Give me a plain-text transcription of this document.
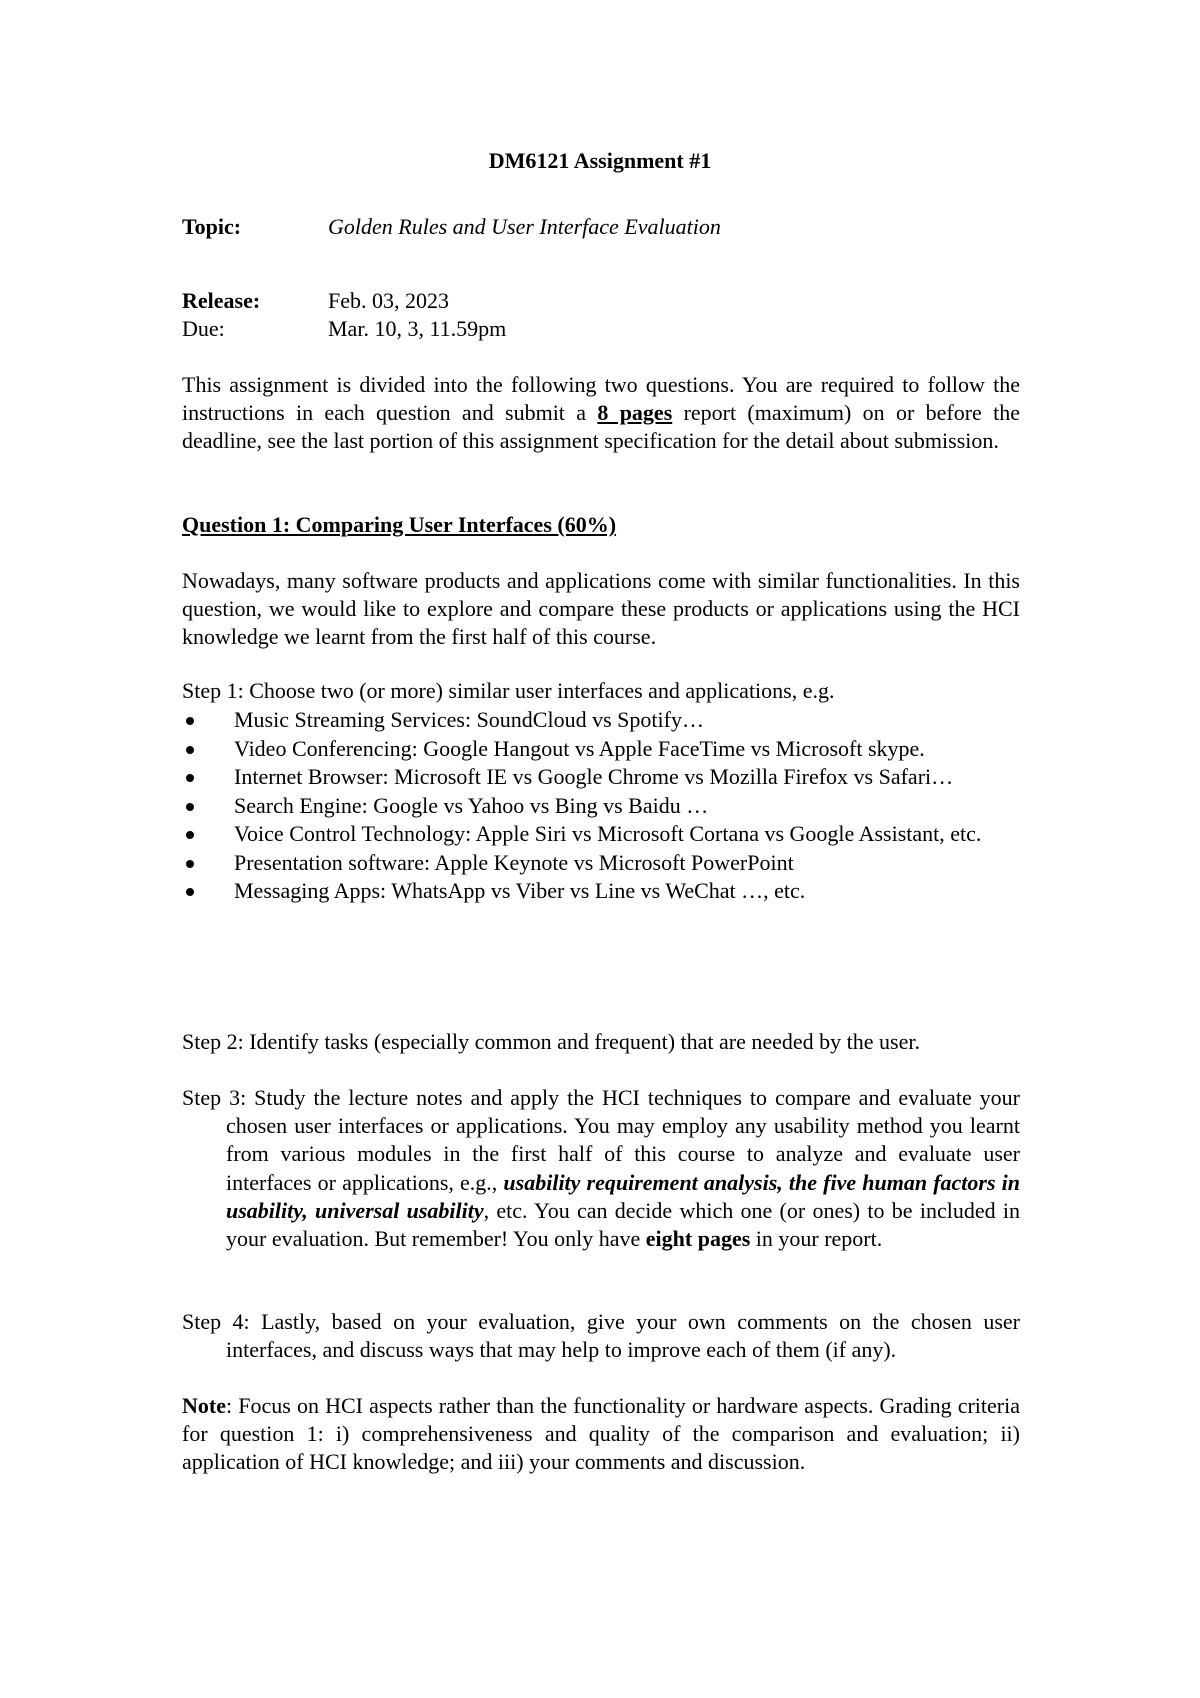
DM6121 Assignment #1
Topic:	Golden Rules and User Interface Evaluation
Release:	Feb. 03, 2023
Due:	Mar. 10, 3, 11.59pm
This assignment is divided into the following two questions. You are required to follow the instructions in each question and submit a 8 pages report (maximum) on or before the deadline, see the last portion of this assignment specification for the detail about submission.
Question 1: Comparing User Interfaces (60%)
Nowadays, many software products and applications come with similar functionalities. In this question, we would like to explore and compare these products or applications using the HCI knowledge we learnt from the first half of this course.
Step 1: Choose two (or more) similar user interfaces and applications, e.g.
Music Streaming Services: SoundCloud vs Spotify…
Video Conferencing: Google Hangout vs Apple FaceTime vs Microsoft skype.
Internet Browser: Microsoft IE vs Google Chrome vs Mozilla Firefox vs Safari…
Search Engine: Google vs Yahoo vs Bing vs Baidu …
Voice Control Technology: Apple Siri vs Microsoft Cortana vs Google Assistant, etc.
Presentation software: Apple Keynote vs Microsoft PowerPoint
Messaging Apps: WhatsApp vs Viber vs Line vs WeChat …, etc.
Step 2: Identify tasks (especially common and frequent) that are needed by the user.
Step 3: Study the lecture notes and apply the HCI techniques to compare and evaluate your chosen user interfaces or applications. You may employ any usability method you learnt from various modules in the first half of this course to analyze and evaluate user interfaces or applications, e.g., usability requirement analysis, the five human factors in usability, universal usability, etc. You can decide which one (or ones) to be included in your evaluation. But remember! You only have eight pages in your report.
Step 4: Lastly, based on your evaluation, give your own comments on the chosen user interfaces, and discuss ways that may help to improve each of them (if any).
Note: Focus on HCI aspects rather than the functionality or hardware aspects. Grading criteria for question 1: i) comprehensiveness and quality of the comparison and evaluation; ii) application of HCI knowledge; and iii) your comments and discussion.
